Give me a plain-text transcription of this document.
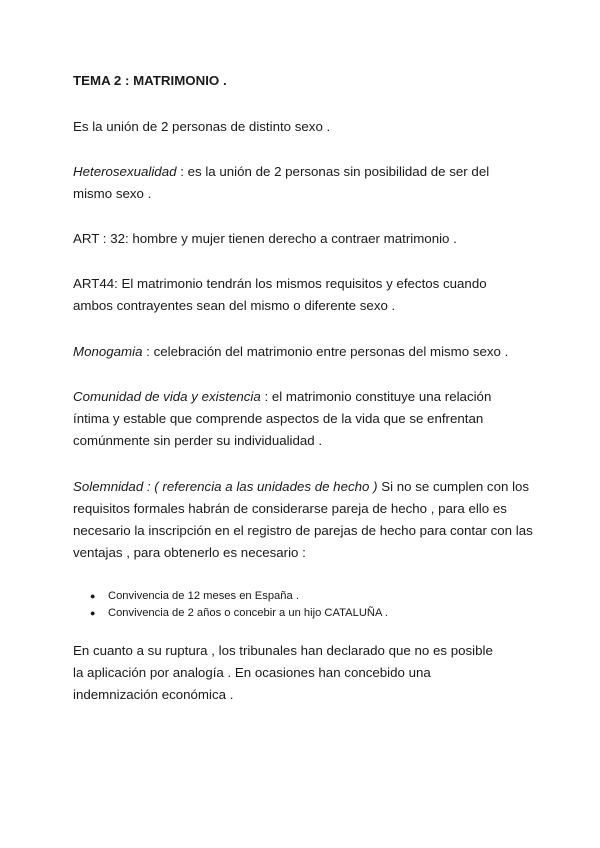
TEMA 2 : MATRIMONIO .
Es la unión de 2 personas de distinto sexo .
Heterosexualidad : es la unión de 2 personas sin posibilidad de ser del mismo sexo .
ART : 32: hombre y mujer tienen derecho a contraer matrimonio .
ART44: El matrimonio tendrán los mismos requisitos y efectos cuando ambos contrayentes sean del mismo o diferente sexo .
Monogamia : celebración del matrimonio entre personas del mismo sexo .
Comunidad de vida y existencia : el matrimonio constituye una relación íntima y estable que comprende aspectos de la vida que se enfrentan comúnmente sin perder su individualidad .
Solemnidad : ( referencia a las unidades de hecho ) Si no se cumplen con los requisitos formales habrán de considerarse pareja de hecho , para ello es necesario la inscripción en el registro de parejas de hecho para contar con las ventajas , para obtenerlo es necesario :
● Convivencia de 12 meses en España .
● Convivencia de 2 años o concebir a un hijo CATALUÑA .
En cuanto a su ruptura , los tribunales han declarado que no es posible la aplicación por analogía . En ocasiones han concebido una indemnización económica .
